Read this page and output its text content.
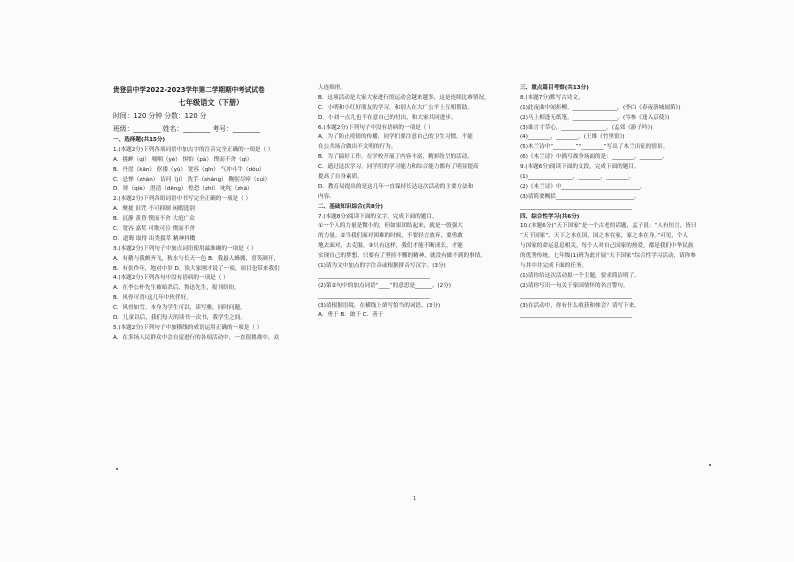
贵登县中学2022-2023学年第二学期期中考试试卷
七年级语文（下册）
时间：120 分钟 分数：120 分
班级：________ 姓名：________ 考号：________
一、选择题(共15分)
1.(本题2分)下列各项词语中加点字的注音完全正确的一项是（ ）
A．挑衅（qì） 哽咽（yè） 惧怕（pà） 锲而不舍（qì）
B．丹崖（kān） 伛偻（yǔ） 宽容（qīn） 气冲斗牛（dǒu）
C．忌惮（zhàn） 诘问（jí） 洗手（shǎng） 鞠躬尽瘁（cuì）
D．犀（qiè） 澄清（dēng） 惶恐（zhí） 叱咤（zhà）
2.(本题2分)下列各组词语中书写完全正确的一项是（ ）
A．聚拢 诅咒 不可抑制 闲暇选别
B．沉静 黄昏 锲而不舍 大庭广众
C．宽容 嘉奖 可歌可泣 锲而不舍
D．道晦 取得 出类拔萃 精神抖擞
3.(本题2分)下列句子中加点词语使用最准确的一项是（ ）
A．有鹅与我颇齐飞，秋水与长天一色 B．我悬人蜂拥，喜笑颜开，
B．有张作年，地对中岁 D．诶大家刚才说了一项，项目也带来我们
4.(本题2分)下列各句中没有语病的一项是（ ）
A．在李公朴先生被暗杀后，鲁迅先生，报刊纷纷。
B．风骨可喜!这几年中伙伴好。
C．风骨如雪。本身为学生可以，读写雅，同时问题。
D．儿童以后，我们每天的读书一次书，我学生之间。
5.(本题2分)下列句子中加横线的成语运用正确的一项是（ ）
A．在多场人民群众中会自觉进行的各项活动中，一直很挑战中，众
人连绵形。
B．这项活动是大家大家进行的运动会越来越多，这是连续比赛情况。
C．小明和小红好朋友的学习，和别人在大广公平上互相帮助。
D．小刘一点儿也不在意自己的付出，和大家共同进步。
6.(本题2分)下列句子中没有语病的一项是（ ）
A．为了防止疫情的传播，同学们要注意自己的卫生习惯，不能
在公共场合做出不文明的行为。
B．为了搞好工作，在学校开展了内容丰富、精彩纷呈的活动。
C．通过这次学习，同学们的学习能力和综合能力都有了明显提高
提高了自身素质。
D．教育局提出的是这几年一直保持长达这次活动的主要方法和
内容。
二、基础知识综合(共8分)
7.(本题8分)阅读下面的文字，完成下面的题目。
①一个人的力量是微小的，但如果团结起来，就是一股强大
的力量。②当我们面对困难的时候，不要轻言放弃，要勇敢
地去面对，去克服。③只有这样，我们才能不断成长，才能
实现自己的梦想。只要有了坚持不懈的精神，就没有做不到的事情。
(1)请为文中加点的字注音或根据拼音写汉字。(3分)
________________________________________
(2)第②句中的加点词语“____”的意思是______。(2分)
________________________________________
(3)请根据语境，在横线上填写恰当的词语。(3分)
A．勇于 B．敢于 C．善于
三、重点篇目考察(共13分)
8.(本题7分)默写古诗文。
(1)此夜曲中闻折柳，________________。(李白《春夜洛城闻笛》)
(2)马上相逢无纸笔，________________。(岑参《逢入京使》)
(3)谁言寸草心，________________。(孟郊《游子吟》)
(4)________，________。(王维《竹里馆》)
(5)木兰诗中“________”“________”写出了木兰出征的情景。
(6)《木兰诗》中描写战争场面的是：________，________。
9.(本题6分)阅读下面的文段，完成下面的题目。
(1)________________，________，________。
(2)《木兰诗》中____________________________。
(3)请简要概括____________________________。
________________________________________
四、综合性学习(共6分)
10.(本题6分)“天下国家”是一个古老的话题，孟子说：“人有恒言，皆曰
“天下国家”，天下之本在国，国之本在家，家之本在身。”可见，个人
与国家的命运息息相关。每个人对自己国家的热爱，都是我们中华民族
的优秀传统。七年级(1)班为此开展“天下国家”综合性学习活动，请你参
与其中并完成下面的任务。
(1)请你给这次活动拟一个主题，要求简洁明了。
(2)请你写出一句关于家国情怀的名言警句。
________________________________________
(3)在活动中，你有什么收获和体会？请写下来。
________________________________________
1
